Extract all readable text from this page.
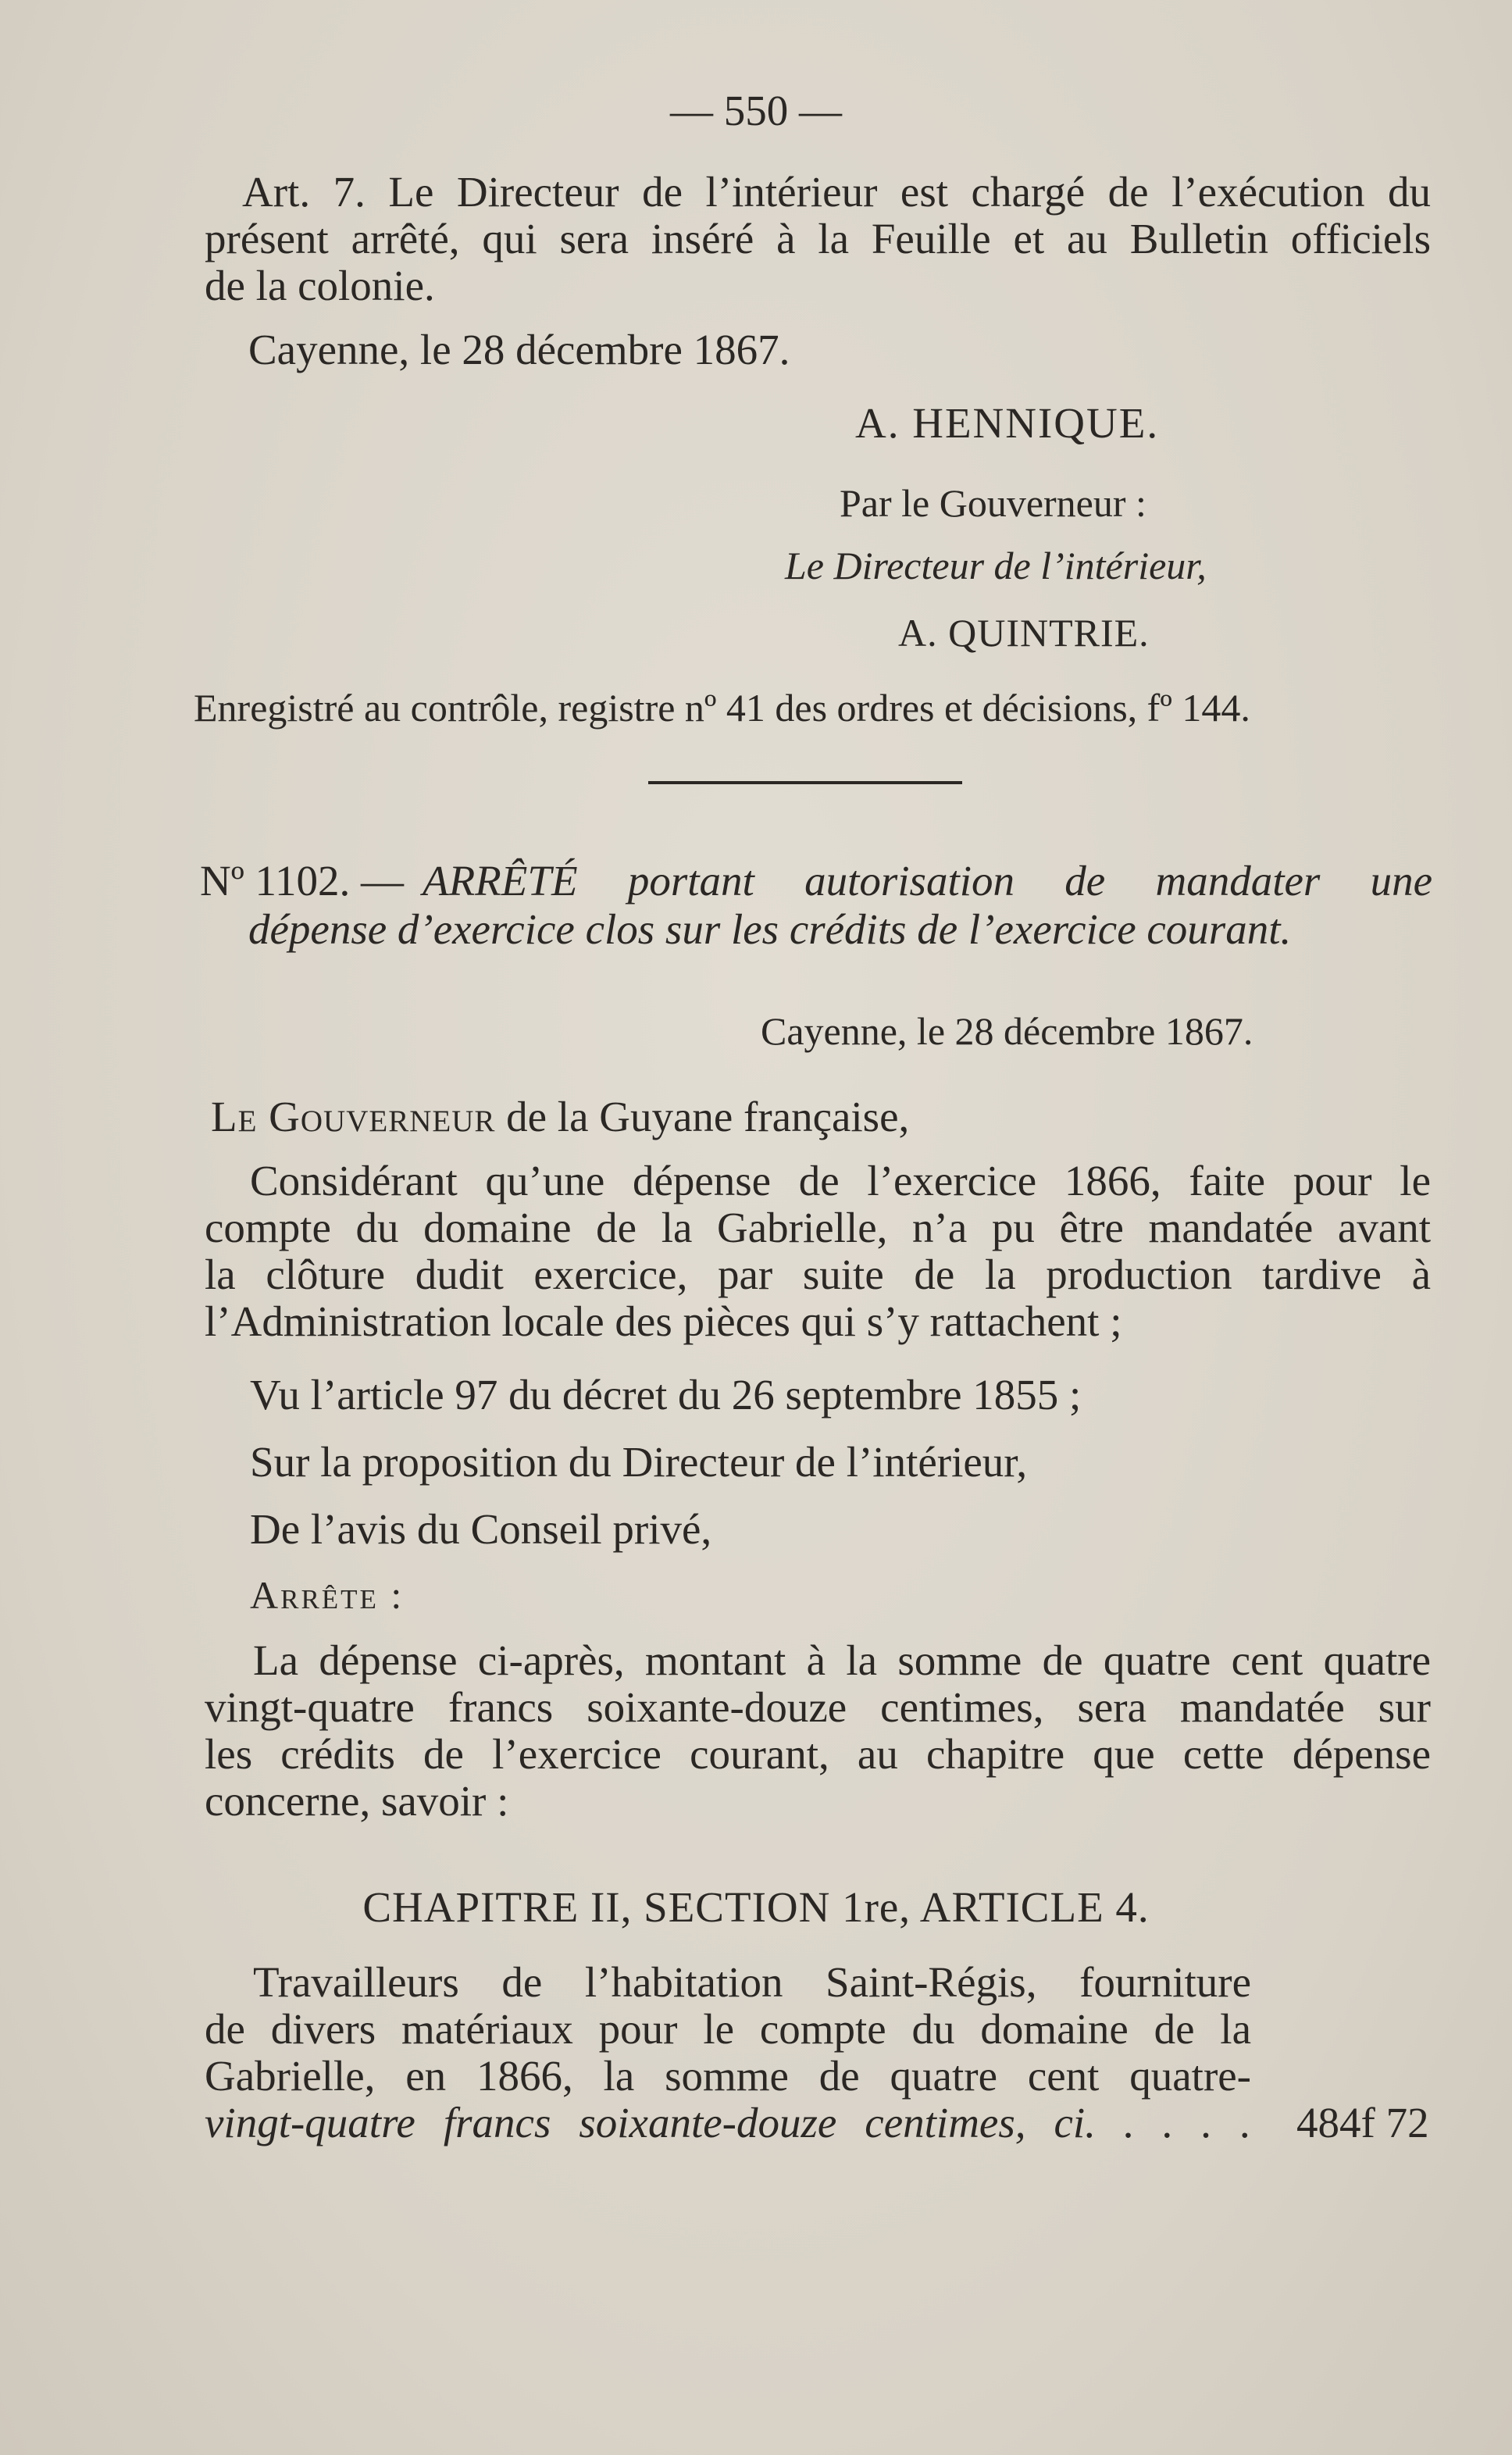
— 550 —
Art. 7. Le Directeur de l’intérieur est chargé de l’exécution du
présent arrêté, qui sera inséré à la Feuille et au Bulletin officiels
de la colonie.
Cayenne, le 28 décembre 1867.
A. HENNIQUE.
Par le Gouverneur :
Le Directeur de l’intérieur,
A. QUINTRIE.
Enregistré au contrôle, registre nº 41 des ordres et décisions, fº 144.
Nº 1102. — ARRÊTÉ portant autorisation de mandater une
dépense d’exercice clos sur les crédits de l’exercice courant.
Cayenne, le 28 décembre 1867.
Le Gouverneur de la Guyane française,
Considérant qu’une dépense de l’exercice 1866, faite pour le
compte du domaine de la Gabrielle, n’a pu être mandatée avant
la clôture dudit exercice, par suite de la production tardive à
l’Administration locale des pièces qui s’y rattachent ;
Vu l’article 97 du décret du 26 septembre 1855 ;
Sur la proposition du Directeur de l’intérieur,
De l’avis du Conseil privé,
Arrête :
La dépense ci-après, montant à la somme de quatre cent quatre
vingt-quatre francs soixante-douze centimes, sera mandatée sur
les crédits de l’exercice courant, au chapitre que cette dépense
concerne, savoir :
CHAPITRE II, SECTION 1re, ARTICLE 4.
Travailleurs de l’habitation Saint-Régis, fourniture
de divers matériaux pour le compte du domaine de la
Gabrielle, en 1866, la somme de quatre cent quatre-
vingt-quatre francs soixante-douze centimes, ci. . . . . 484f 72
